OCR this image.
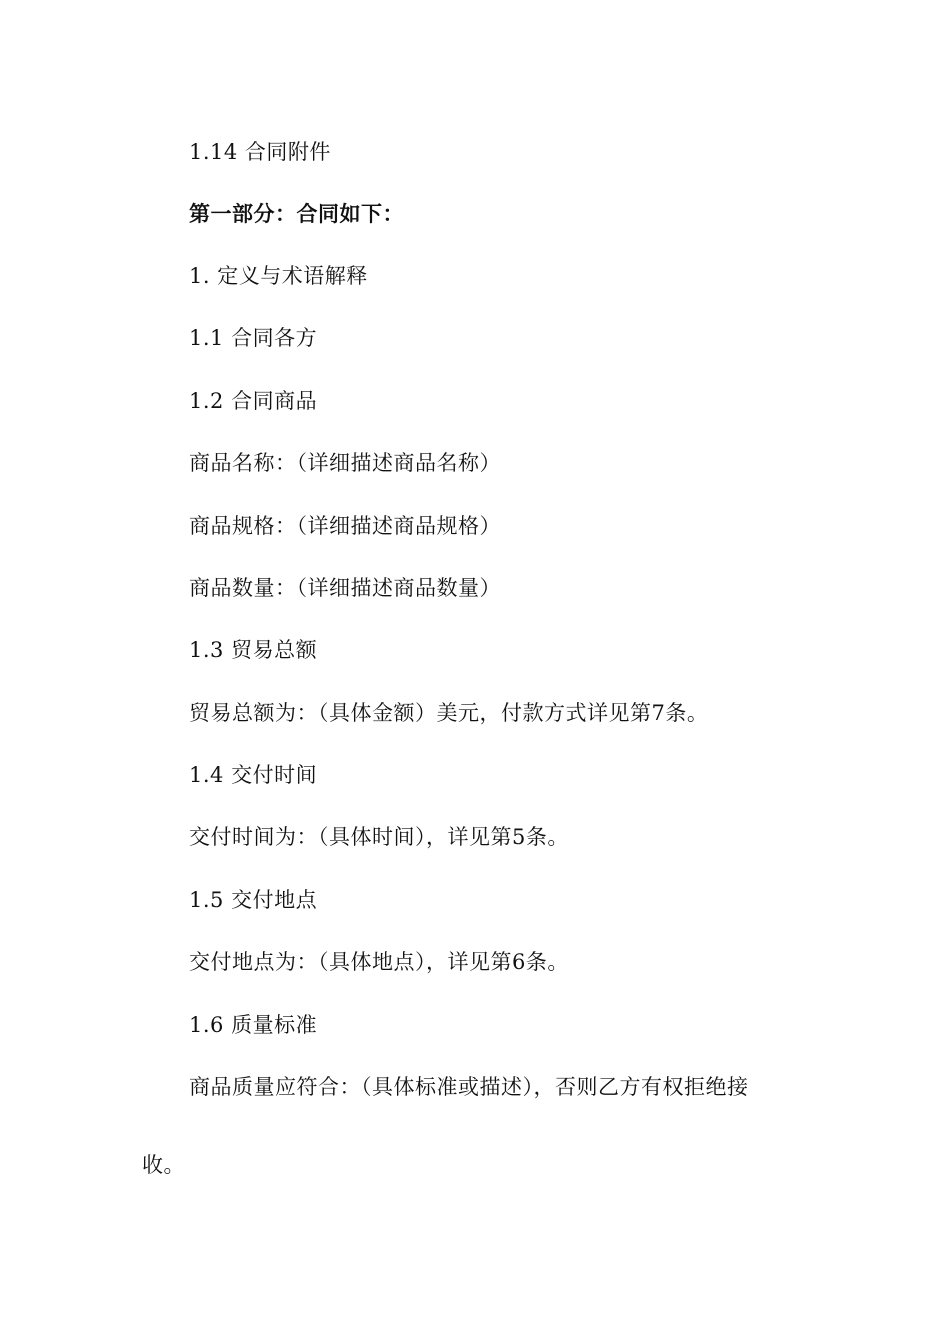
1.14 合同附件
第一部分：合同如下：
1. 定义与术语解释
1.1 合同各方
1.2 合同商品
商品名称：（详细描述商品名称）
商品规格：（详细描述商品规格）
商品数量：（详细描述商品数量）
1.3 贸易总额
贸易总额为：（具体金额）美元，付款方式详见第7条。
1.4 交付时间
交付时间为：（具体时间），详见第5条。
1.5 交付地点
交付地点为：（具体地点），详见第6条。
1.6 质量标准
商品质量应符合：（具体标准或描述），否则乙方有权拒绝接
收。
